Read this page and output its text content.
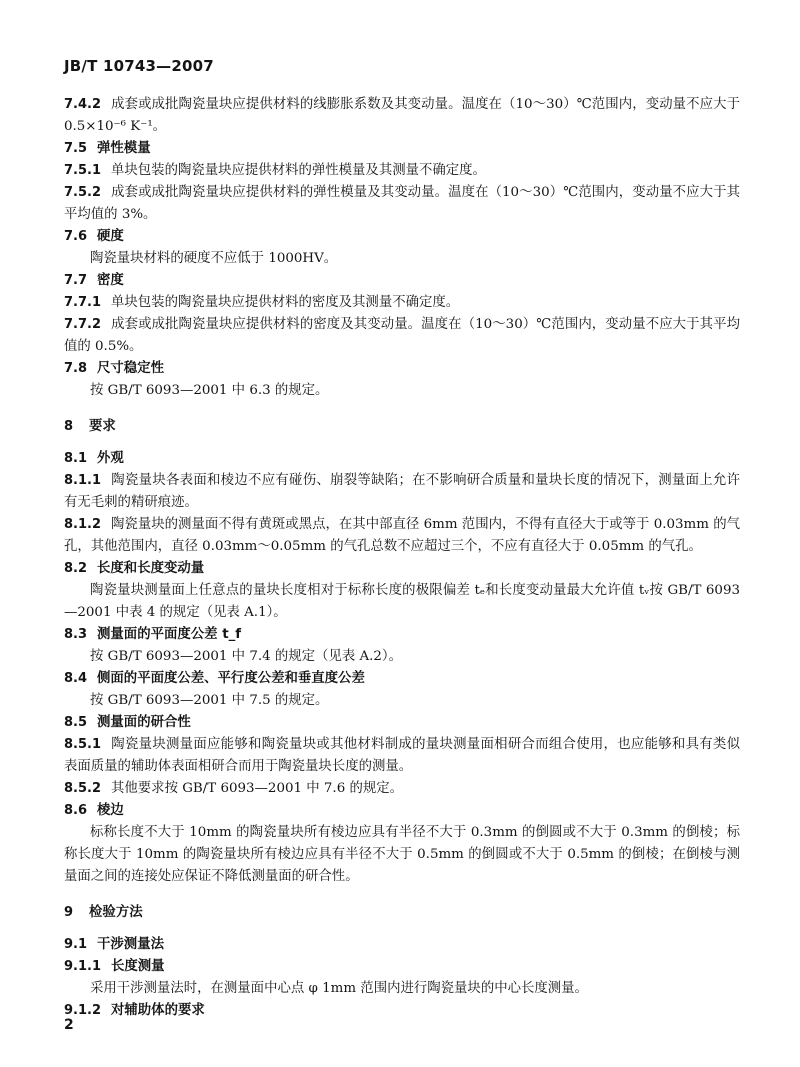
JB/T 10743—2007

7.4.2 成套或成批陶瓷量块应提供材料的线膨胀系数及其变动量。温度在（10～30）℃范围内，变动量不应大于 0.5×10⁻⁶ K⁻¹。

7.5 弹性模量

7.5.1 单块包装的陶瓷量块应提供材料的弹性模量及其测量不确定度。

7.5.2 成套或成批陶瓷量块应提供材料的弹性模量及其变动量。温度在（10～30）℃范围内，变动量不应大于其平均值的 3%。

7.6 硬度

陶瓷量块材料的硬度不应低于 1000HV。

7.7 密度

7.7.1 单块包装的陶瓷量块应提供材料的密度及其测量不确定度。

7.7.2 成套或成批陶瓷量块应提供材料的密度及其变动量。温度在（10～30）℃范围内，变动量不应大于其平均值的 0.5%。

7.8 尺寸稳定性

按 GB/T 6093—2001 中 6.3 的规定。

8 要求

8.1 外观

8.1.1 陶瓷量块各表面和棱边不应有碰伤、崩裂等缺陷；在不影响研合质量和量块长度的情况下，测量面上允许有无毛刺的精研痕迹。

8.1.2 陶瓷量块的测量面不得有黄斑或黑点，在其中部直径 6mm 范围内，不得有直径大于或等于 0.03mm 的气孔，其他范围内，直径 0.03mm～0.05mm 的气孔总数不应超过三个，不应有直径大于 0.05mm 的气孔。

8.2 长度和长度变动量

陶瓷量块测量面上任意点的量块长度相对于标称长度的极限偏差 tₑ和长度变动量最大允许值 tᵥ按 GB/T 6093—2001 中表 4 的规定（见表 A.1）。

8.3 测量面的平面度公差 t_f

按 GB/T 6093—2001 中 7.4 的规定（见表 A.2）。

8.4 侧面的平面度公差、平行度公差和垂直度公差

按 GB/T 6093—2001 中 7.5 的规定。

8.5 测量面的研合性

8.5.1 陶瓷量块测量面应能够和陶瓷量块或其他材料制成的量块测量面相研合而组合使用，也应能够和具有类似表面质量的辅助体表面相研合而用于陶瓷量块长度的测量。

8.5.2 其他要求按 GB/T 6093—2001 中 7.6 的规定。

8.6 棱边

标称长度不大于 10mm 的陶瓷量块所有棱边应具有半径不大于 0.3mm 的倒圆或不大于 0.3mm 的倒棱；标称长度大于 10mm 的陶瓷量块所有棱边应具有半径不大于 0.5mm 的倒圆或不大于 0.5mm 的倒棱；在倒棱与测量面之间的连接处应保证不降低测量面的研合性。

9 检验方法

9.1 干涉测量法

9.1.1 长度测量

采用干涉测量法时，在测量面中心点 φ 1mm 范围内进行陶瓷量块的中心长度测量。

9.1.2 对辅助体的要求

2
